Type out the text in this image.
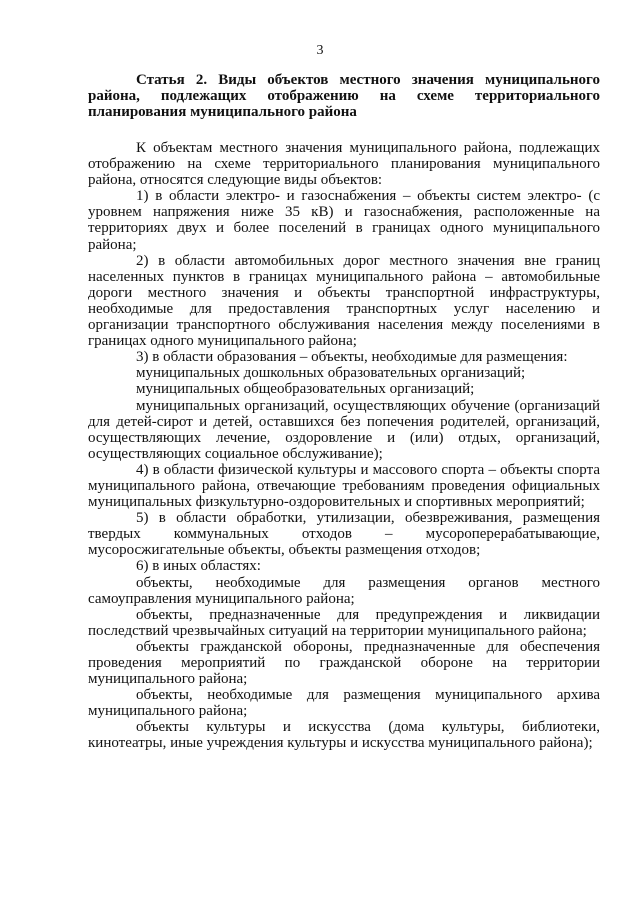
3

Статья 2. Виды объектов местного значения муниципального района, подлежащих отображению на схеме территориального планирования муниципального района

К объектам местного значения муниципального района, подлежащих отображению на схеме территориального планирования муниципального района, относятся следующие виды объектов:

1) в области электро- и газоснабжения – объекты систем электро- (с уровнем напряжения ниже 35 кВ) и газоснабжения, расположенные на территориях двух и более поселений в границах одного муниципального района;

2) в области автомобильных дорог местного значения вне границ населенных пунктов в границах муниципального района – автомобильные дороги местного значения и объекты транспортной инфраструктуры, необходимые для предоставления транспортных услуг населению и организации транспортного обслуживания населения между поселениями в границах одного муниципального района;

3) в области образования – объекты, необходимые для размещения:

муниципальных дошкольных образовательных организаций;

муниципальных общеобразовательных организаций;

муниципальных организаций, осуществляющих обучение (организаций для детей-сирот и детей, оставшихся без попечения родителей, организаций, осуществляющих лечение, оздоровление и (или) отдых, организаций, осуществляющих социальное обслуживание);

4) в области физической культуры и массового спорта – объекты спорта муниципального района, отвечающие требованиям проведения официальных муниципальных физкультурно-оздоровительных и спортивных мероприятий;

5) в области обработки, утилизации, обезвреживания, размещения твердых коммунальных отходов – мусороперерабатывающие, мусоросжигательные объекты, объекты размещения отходов;

6) в иных областях:

объекты, необходимые для размещения органов местного самоуправления муниципального района;

объекты, предназначенные для предупреждения и ликвидации последствий чрезвычайных ситуаций на территории муниципального района;

объекты гражданской обороны, предназначенные для обеспечения проведения мероприятий по гражданской обороне на территории муниципального района;

объекты, необходимые для размещения муниципального архива муниципального района;

объекты культуры и искусства (дома культуры, библиотеки, кинотеатры, иные учреждения культуры и искусства муниципального района);
